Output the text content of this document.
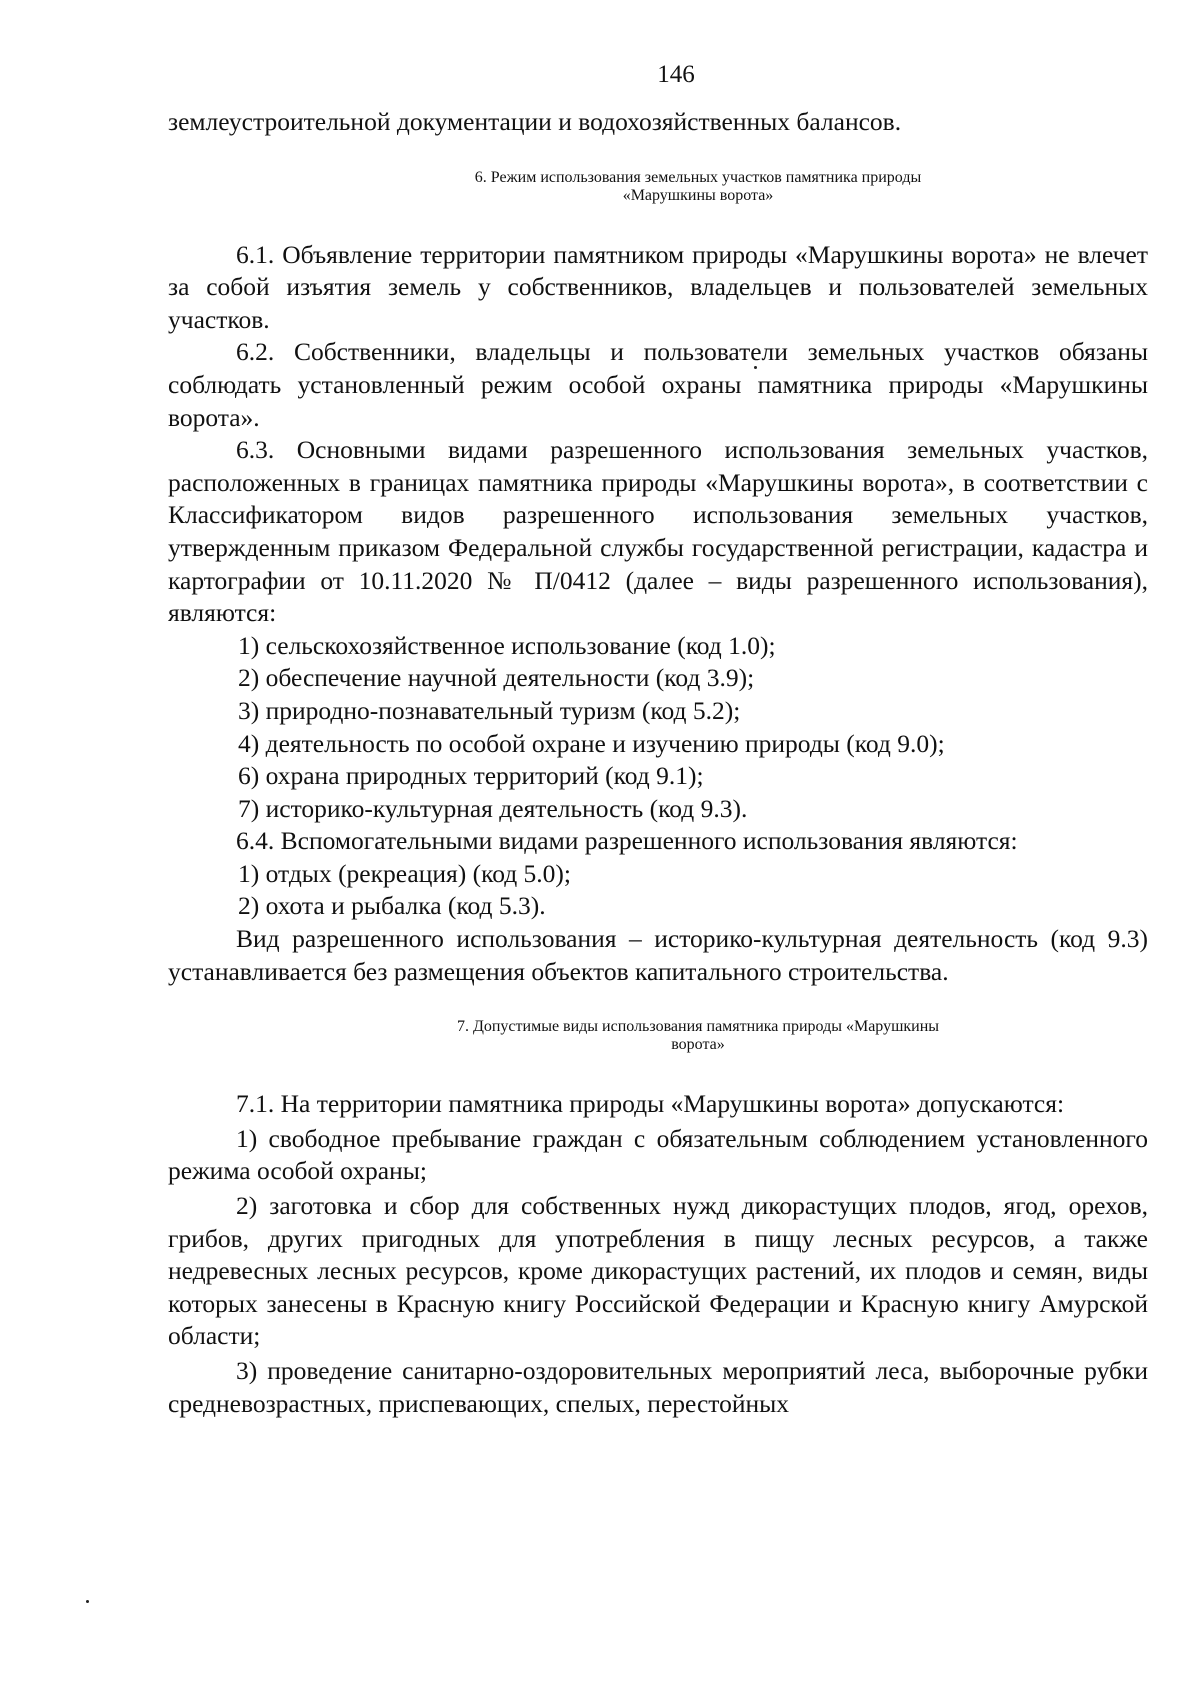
146

землеустроительной документации и водохозяйственных балансов.

6. Режим использования земельных участков памятника природы
«Марушкины ворота»

6.1. Объявление территории памятником природы «Марушкины ворота» не влечет за собой изъятия земель у собственников, владельцев и пользователей земельных участков.

6.2. Собственники, владельцы и пользователи земельных участков обязаны соблюдать установленный режим особой охраны памятника природы «Марушкины ворота».

6.3. Основными видами разрешенного использования земельных участков, расположенных в границах памятника природы «Марушкины ворота», в соответствии с Классификатором видов разрешенного использования земельных участков, утвержденным приказом Федеральной службы государственной регистрации, кадастра и картографии от 10.11.2020 № П/0412 (далее – виды разрешенного использования), являются:

1) сельскохозяйственное использование (код 1.0);

2) обеспечение научной деятельности (код 3.9);

3) природно-познавательный туризм (код 5.2);

4) деятельность по особой охране и изучению природы (код 9.0);

6) охрана природных территорий (код 9.1);

7) историко-культурная деятельность (код 9.3).

6.4. Вспомогательными видами разрешенного использования являются:

1) отдых (рекреация) (код 5.0);

2) охота и рыбалка (код 5.3).

Вид разрешенного использования – историко-культурная деятельность (код 9.3) устанавливается без размещения объектов капитального строительства.

7. Допустимые виды использования памятника природы «Марушкины
ворота»

7.1. На территории памятника природы «Марушкины ворота» допускаются:

1) свободное пребывание граждан с обязательным соблюдением установленного режима особой охраны;

2) заготовка и сбор для собственных нужд дикорастущих плодов, ягод, орехов, грибов, других пригодных для употребления в пищу лесных ресурсов, а также недревесных лесных ресурсов, кроме дикорастущих растений, их плодов и семян, виды которых занесены в Красную книгу Российской Федерации и Красную книгу Амурской области;

3) проведение санитарно-оздоровительных мероприятий леса, выборочные рубки средневозрастных, приспевающих, спелых, перестойных
